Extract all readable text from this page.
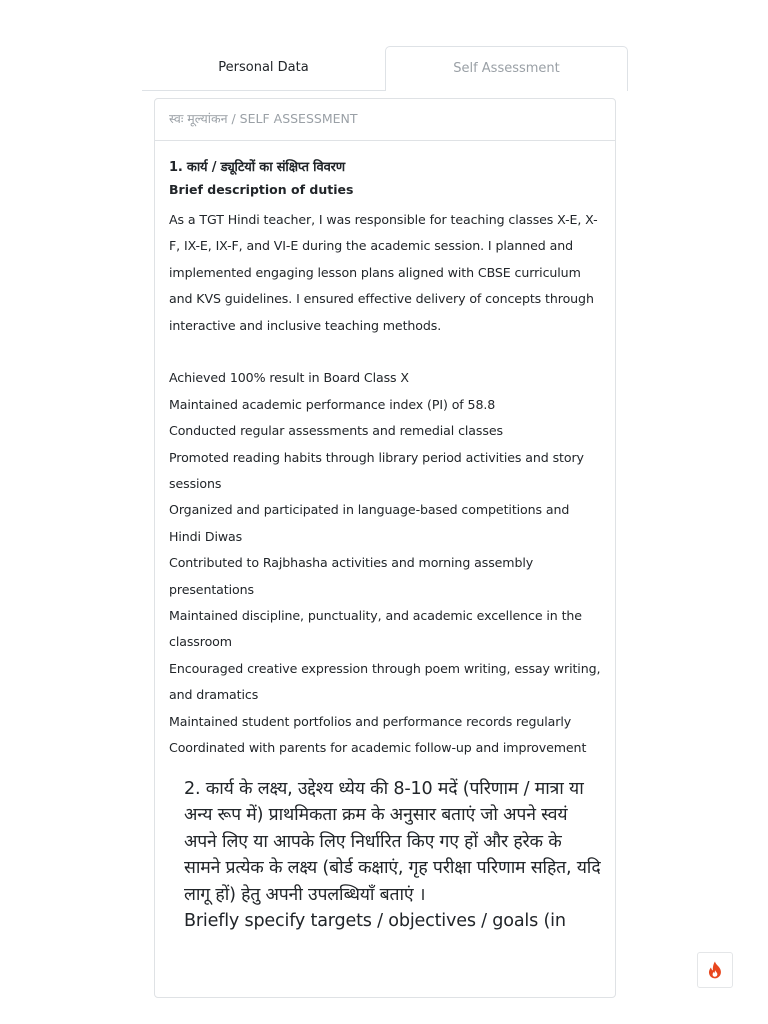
Personal Data	Self Assessment
स्वः मूल्यांकन / SELF ASSESSMENT
1. कार्य / ड्यूटियों का संक्षिप्त विवरण
Brief description of duties

As a TGT Hindi teacher, I was responsible for teaching classes X-E, X-F, IX-E, IX-F, and VI-E during the academic session. I planned and implemented engaging lesson plans aligned with CBSE curriculum and KVS guidelines. I ensured effective delivery of concepts through interactive and inclusive teaching methods.

Achieved 100% result in Board Class X

Maintained academic performance index (PI) of 58.8

Conducted regular assessments and remedial classes

Promoted reading habits through library period activities and story sessions

Organized and participated in language-based competitions and Hindi Diwas

Contributed to Rajbhasha activities and morning assembly presentations

Maintained discipline, punctuality, and academic excellence in the classroom

Encouraged creative expression through poem writing, essay writing, and dramatics

Maintained student portfolios and performance records regularly

Coordinated with parents for academic follow-up and improvement

2. कार्य के लक्ष्य, उद्देश्य ध्येय की 8-10 मदें (परिणाम / मात्रा या अन्य रूप में) प्राथमिकता क्रम के अनुसार बताएं जो अपने स्वयं अपने लिए या आपके लिए निर्धारित किए गए हों और हरेक के सामने प्रत्येक के लक्ष्य (बोर्ड कक्षाएं, गृह परीक्षा परिणाम सहित, यदि लागू हों) हेतु अपनी उपलब्धियाँ बताएं ।

Briefly specify targets / objectives / goals (in
